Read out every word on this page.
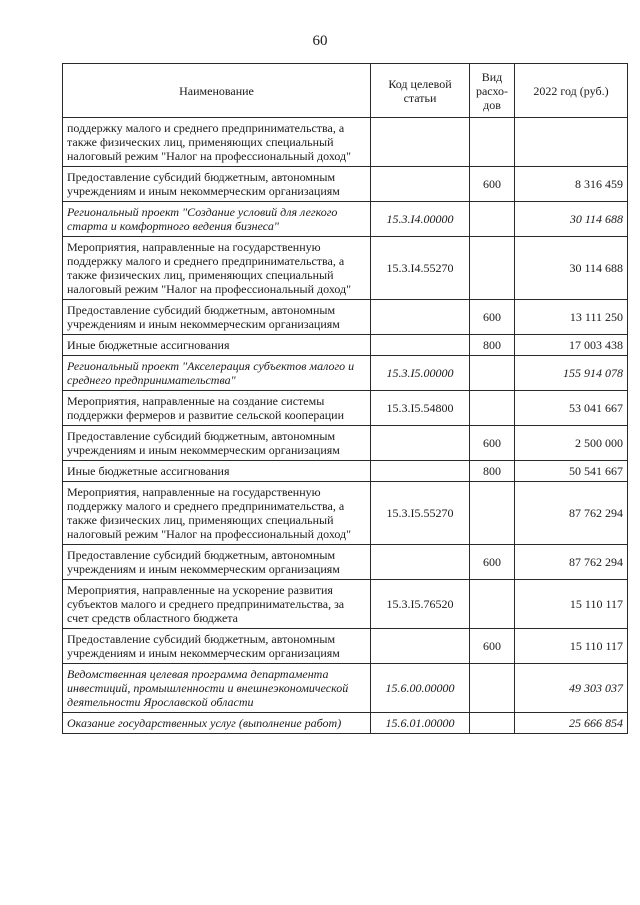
60
Наименование	Код целевой статьи	Вид расхо-дов	2022 год (руб.)
поддержку малого и среднего предпринимательства, а также физических лиц, применяющих специальный налоговый режим "Налог на профессиональный доход"			
Предоставление субсидий бюджетным, автономным учреждениям и иным некоммерческим организациям		600	8 316 459
Региональный проект "Создание условий для легкого старта и комфортного ведения бизнеса"	15.3.I4.00000		30 114 688
Мероприятия, направленные на государственную поддержку малого и среднего предпринимательства, а также физических лиц, применяющих специальный налоговый режим "Налог на профессиональный доход"	15.3.I4.55270		30 114 688
Предоставление субсидий бюджетным, автономным учреждениям и иным некоммерческим организациям		600	13 111 250
Иные бюджетные ассигнования		800	17 003 438
Региональный проект "Акселерация субъектов малого и среднего предпринимательства"	15.3.I5.00000		155 914 078
Мероприятия, направленные на создание системы поддержки фермеров и развитие сельской кооперации	15.3.I5.54800		53 041 667
Предоставление субсидий бюджетным, автономным учреждениям и иным некоммерческим организациям		600	2 500 000
Иные бюджетные ассигнования		800	50 541 667
Мероприятия, направленные на государственную поддержку малого и среднего предпринимательства, а также физических лиц, применяющих специальный налоговый режим "Налог на профессиональный доход"	15.3.I5.55270		87 762 294
Предоставление субсидий бюджетным, автономным учреждениям и иным некоммерческим организациям		600	87 762 294
Мероприятия, направленные на ускорение развития субъектов малого и среднего предпринимательства, за счет средств областного бюджета	15.3.I5.76520		15 110 117
Предоставление субсидий бюджетным, автономным учреждениям и иным некоммерческим организациям		600	15 110 117
Ведомственная целевая программа департамента инвестиций, промышленности и внешнеэкономической деятельности Ярославской области	15.6.00.00000		49 303 037
Оказание государственных услуг (выполнение работ)	15.6.01.00000		25 666 854
